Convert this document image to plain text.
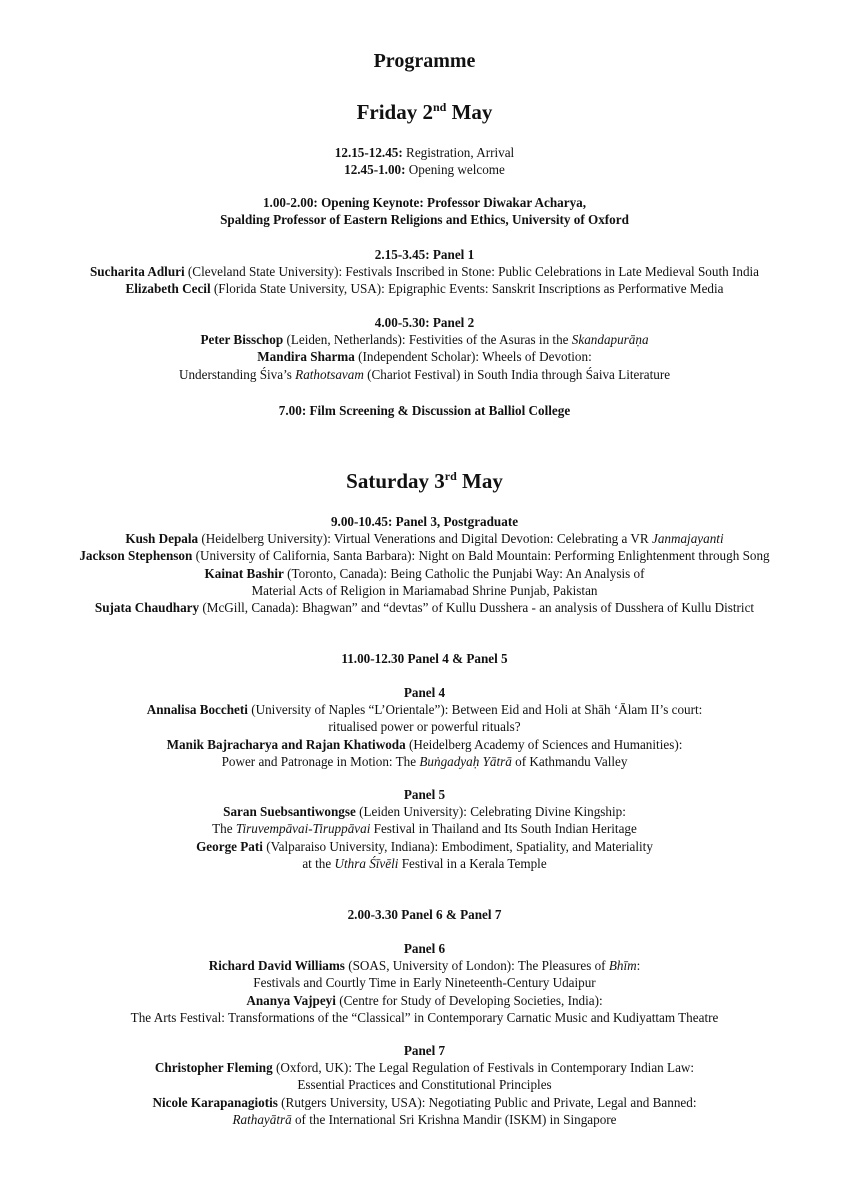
Programme
Friday 2nd May
12.15-12.45: Registration, Arrival
12.45-1.00: Opening welcome
1.00-2.00: Opening Keynote: Professor Diwakar Acharya,
Spalding Professor of Eastern Religions and Ethics, University of Oxford
2.15-3.45: Panel 1
Sucharita Adluri (Cleveland State University): Festivals Inscribed in Stone: Public Celebrations in Late Medieval South India
Elizabeth Cecil (Florida State University, USA): Epigraphic Events: Sanskrit Inscriptions as Performative Media
4.00-5.30: Panel 2
Peter Bisschop (Leiden, Netherlands): Festivities of the Asuras in the Skandapurāṇa
Mandira Sharma (Independent Scholar): Wheels of Devotion:
Understanding Śiva’s Rathotsavam (Chariot Festival) in South India through Śaiva Literature
7.00: Film Screening & Discussion at Balliol College
Saturday 3rd May
9.00-10.45: Panel 3, Postgraduate
Kush Depala (Heidelberg University): Virtual Venerations and Digital Devotion: Celebrating a VR Janmajayanti
Jackson Stephenson (University of California, Santa Barbara): Night on Bald Mountain: Performing Enlightenment through Song
Kainat Bashir (Toronto, Canada): Being Catholic the Punjabi Way: An Analysis of
Material Acts of Religion in Mariamabad Shrine Punjab, Pakistan
Sujata Chaudhary (McGill, Canada): Bhagwan” and “devtas” of Kullu Dusshera - an analysis of Dusshera of Kullu District
11.00-12.30 Panel 4 & Panel 5
Panel 4
Annalisa Boccheti (University of Naples “L’Orientale”): Between Eid and Holi at Shāh ‘Ālam II’s court:
ritualised power or powerful rituals?
Manik Bajracharya and Rajan Khatiwoda (Heidelberg Academy of Sciences and Humanities):
Power and Patronage in Motion: The Buṅgadyaḥ Yātrā of Kathmandu Valley
Panel 5
Saran Suebsantiwongse (Leiden University): Celebrating Divine Kingship:
The Tiruvempāvai-Tiruppāvai Festival in Thailand and Its South Indian Heritage
George Pati (Valparaiso University, Indiana): Embodiment, Spatiality, and Materiality
at the Uthra Śīvēli Festival in a Kerala Temple
2.00-3.30 Panel 6 & Panel 7
Panel 6
Richard David Williams (SOAS, University of London): The Pleasures of Bhīm:
Festivals and Courtly Time in Early Nineteenth-Century Udaipur
Ananya Vajpeyi (Centre for Study of Developing Societies, India):
The Arts Festival: Transformations of the “Classical” in Contemporary Carnatic Music and Kudiyattam Theatre
Panel 7
Christopher Fleming (Oxford, UK): The Legal Regulation of Festivals in Contemporary Indian Law:
Essential Practices and Constitutional Principles
Nicole Karapanagiotis (Rutgers University, USA): Negotiating Public and Private, Legal and Banned:
Rathayātrā of the International Sri Krishna Mandir (ISKM) in Singapore
